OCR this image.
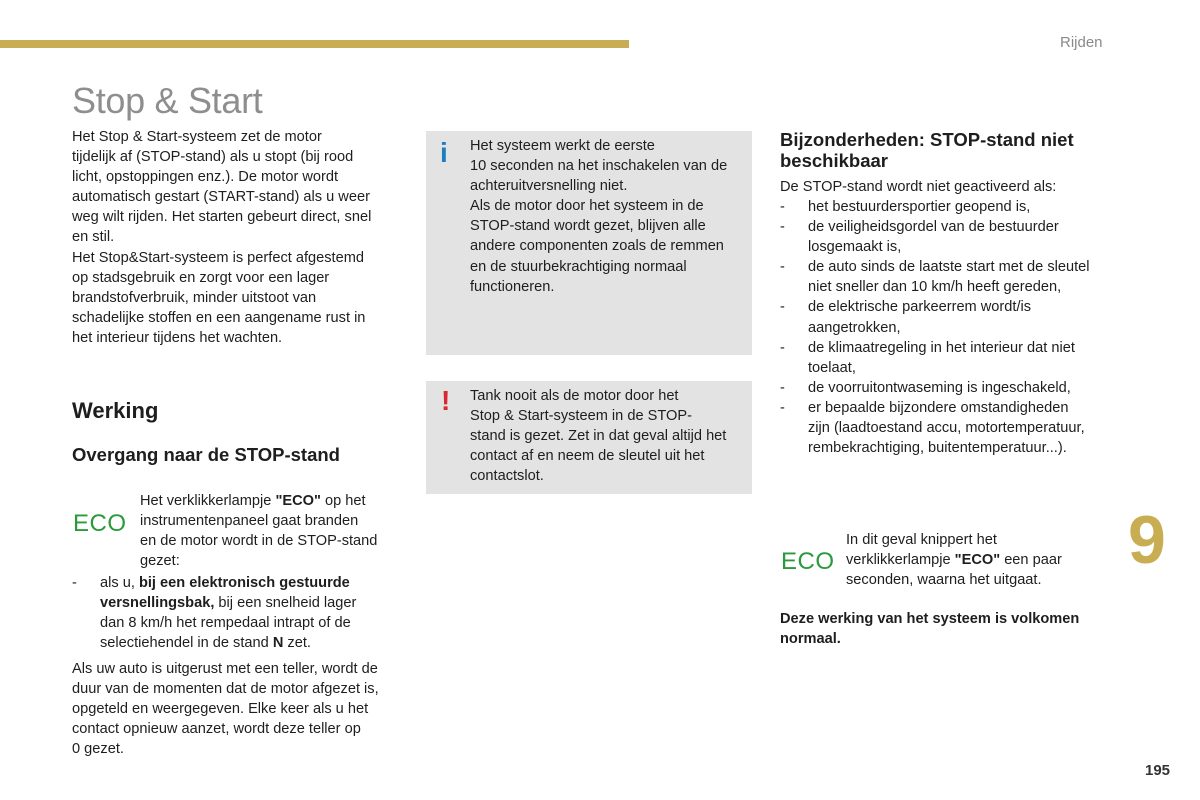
Rijden
Stop & Start
Het Stop & Start-systeem zet de motor
tijdelijk af (STOP-stand) als u stopt (bij rood
licht, opstoppingen enz.). De motor wordt
automatisch gestart (START-stand) als u weer
weg wilt rijden. Het starten gebeurt direct, snel
en stil.
Het Stop&Start-systeem is perfect afgestemd
op stadsgebruik en zorgt voor een lager
brandstofverbruik, minder uitstoot van
schadelijke stoffen en een aangename rust in
het interieur tijdens het wachten.
Werking
Overgang naar de STOP-stand
ECO
Het verklikkerlampje "ECO" op het
instrumentenpaneel gaat branden
en de motor wordt in de STOP-stand
gezet:
- als u, bij een elektronisch gestuurde
versnellingsbak, bij een snelheid lager
dan 8 km/h het rempedaal intrapt of de
selectiehendel in de stand N zet.
Als uw auto is uitgerust met een teller, wordt de
duur van de momenten dat de motor afgezet is,
opgeteld en weergegeven. Elke keer als u het
contact opnieuw aanzet, wordt deze teller op
0 gezet.
i Het systeem werkt de eerste
10 seconden na het inschakelen van de
achteruitversnelling niet.
Als de motor door het systeem in de
STOP-stand wordt gezet, blijven alle
andere componenten zoals de remmen
en de stuurbekrachtiging normaal
functioneren.
! Tank nooit als de motor door het
Stop & Start-systeem in de STOP-
stand is gezet. Zet in dat geval altijd het
contact af en neem de sleutel uit het
contactslot.
Bijzonderheden: STOP-stand niet
beschikbaar
De STOP-stand wordt niet geactiveerd als:
- het bestuurdersportier geopend is,
- de veiligheidsgordel van de bestuurder
losgemaakt is,
- de auto sinds de laatste start met de sleutel
niet sneller dan 10 km/h heeft gereden,
- de elektrische parkeerrem wordt/is
aangetrokken,
- de klimaatregeling in het interieur dat niet
toelaat,
- de voorruitontwaseming is ingeschakeld,
- er bepaalde bijzondere omstandigheden
zijn (laadtoestand accu, motortemperatuur,
rembekrachtiging, buitentemperatuur...).
ECO
In dit geval knippert het
verklikkerlampje "ECO" een paar
seconden, waarna het uitgaat.
Deze werking van het systeem is volkomen
normaal.
9
195
